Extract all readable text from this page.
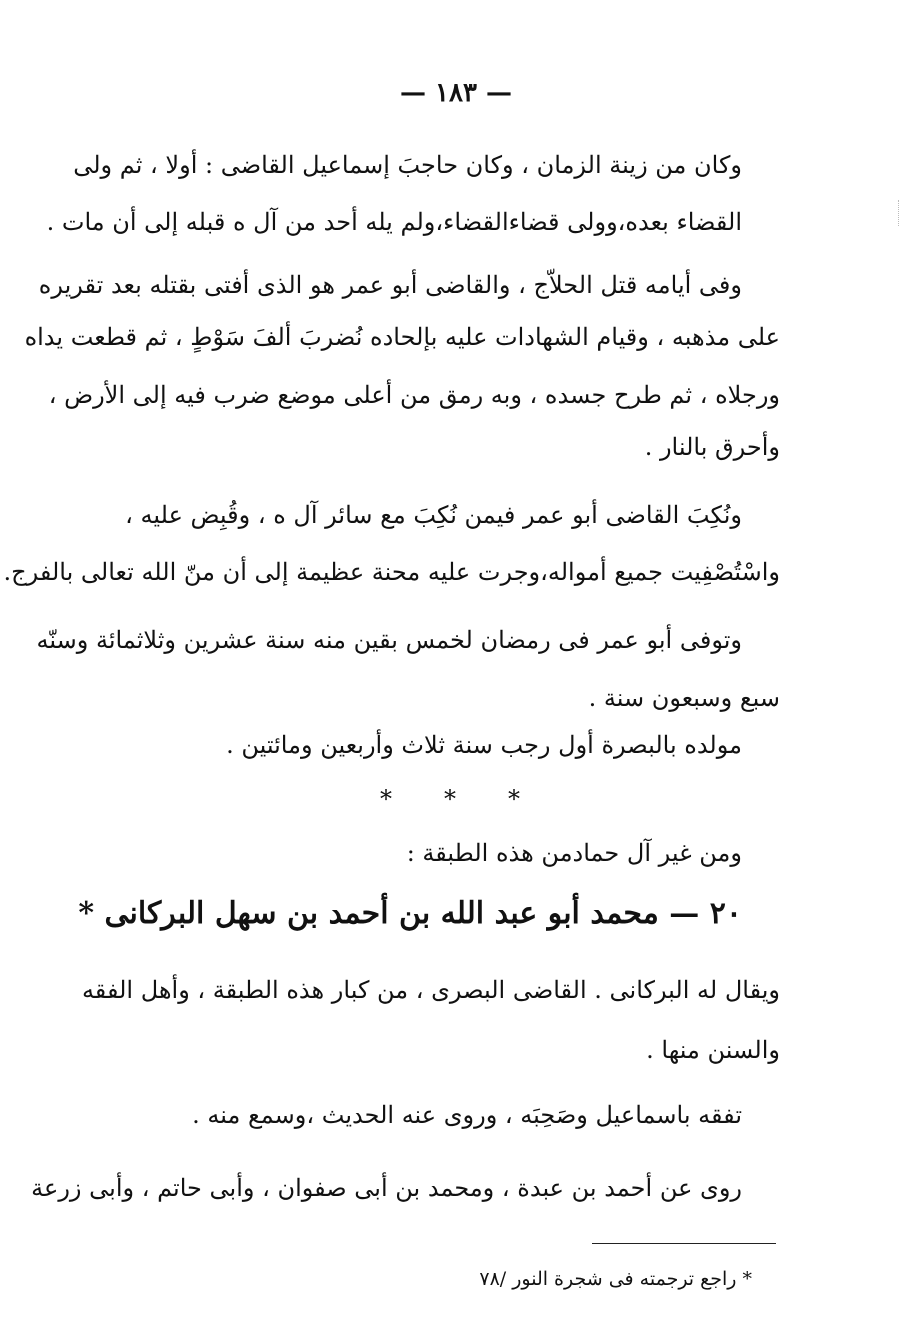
— ١٨٣ —
وكان من زينة الزمان ، وكان حاجبَ إسماعيل القاضى : أولا ، ثم ولى
القضاء بعده،وولى قضاءالقضاء،ولم يله أحد من آل ه قبله إلى أن مات .
وفى أيامه قتل الحلاّج ، والقاضى أبو عمر هو الذى أفتى بقتله بعد تقريره
على مذهبه ، وقيام الشهادات عليه بإلحاده نُضربَ ألفَ سَوْطٍ ، ثم قطعت يداه
ورجلاه ، ثم طرح جسده ، وبه رمق من أعلى موضع ضرب فيه إلى الأرض ،
وأحرق بالنار .
ونُكِبَ القاضى أبو عمر فيمن نُكِبَ مع سائر آل ه ، وقُبِض عليه ،
واسْتُصْفِيت جميع أمواله،وجرت عليه محنة عظيمة إلى أن منّ الله تعالى بالفرج.
وتوفى أبو عمر فى رمضان لخمس بقين منه سنة عشرين وثلاثمائة وسنّه
سبع وسبعون سنة .
مولده بالبصرة أول رجب سنة ثلاث وأربعين ومائتين .
* * *
ومن غير آل حمادمن هذه الطبقة :
٢٠ — محمد أبو عبد الله بن أحمد بن سهل البركانى *
ويقال له البركانى . القاضى البصرى ، من كبار هذه الطبقة ، وأهل الفقه
والسنن منها .
تفقه باسماعيل وصَحِبَه ، وروى عنه الحديث ،وسمع منه .
روى عن أحمد بن عبدة ، ومحمد بن أبى صفوان ، وأبى حاتم ، وأبى زرعة
* راجع ترجمته فى شجرة النور /٧٨
